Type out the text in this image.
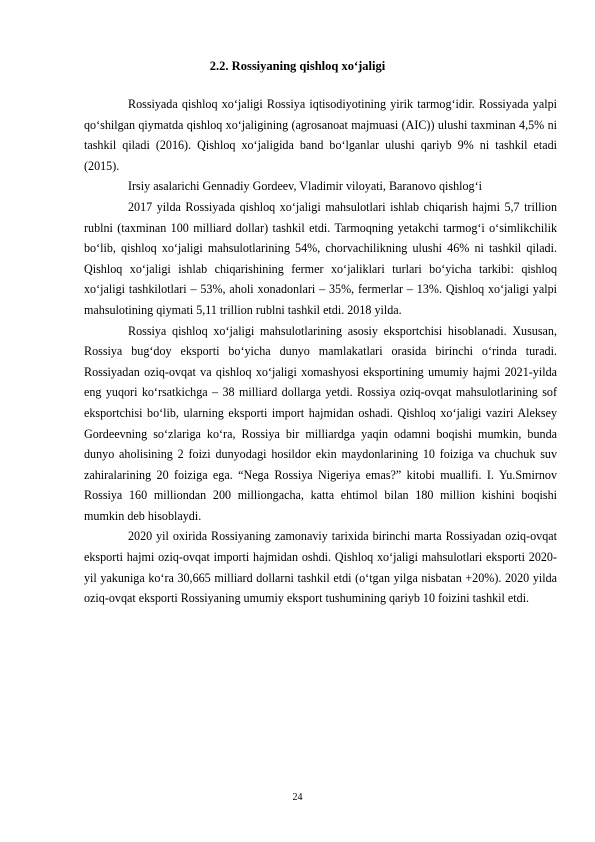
2.2. Rossiyaning qishloq xo‘jaligi

Rossiyada qishloq xo‘jaligi Rossiya iqtisodiyotining yirik tarmog‘idir. Rossiyada yalpi qo‘shilgan qiymatda qishloq xo‘jaligining (agrosanoat majmuasi (AIC)) ulushi taxminan 4,5% ni tashkil qiladi (2016). Qishloq xo‘jaligida band bo‘lganlar ulushi qariyb 9% ni tashkil etadi (2015).

Irsiy asalarichi Gennadiy Gordeev, Vladimir viloyati, Baranovo qishlog‘i

2017 yilda Rossiyada qishloq xo‘jaligi mahsulotlari ishlab chiqarish hajmi 5,7 trillion rublni (taxminan 100 milliard dollar) tashkil etdi. Tarmoqning yetakchi tarmog‘i o‘simlikchilik bo‘lib, qishloq xo‘jaligi mahsulotlarining 54%, chorvachilikning ulushi 46% ni tashkil qiladi. Qishloq xo‘jaligi ishlab chiqarishining fermer xo‘jaliklari turlari bo‘yicha tarkibi: qishloq xo‘jaligi tashkilotlari – 53%, aholi xonadonlari – 35%, fermerlar – 13%. Qishloq xo‘jaligi yalpi mahsulotining qiymati 5,11 trillion rublni tashkil etdi. 2018 yilda.

Rossiya qishloq xo‘jaligi mahsulotlarining asosiy eksportchisi hisoblanadi. Xususan, Rossiya bug‘doy eksporti bo‘yicha dunyo mamlakatlari orasida birinchi o‘rinda turadi. Rossiyadan oziq-ovqat va qishloq xo‘jaligi xomashyosi eksportining umumiy hajmi 2021-yilda eng yuqori ko‘rsatkichga – 38 milliard dollarga yetdi. Rossiya oziq-ovqat mahsulotlarining sof eksportchisi bo‘lib, ularning eksporti import hajmidan oshadi. Qishloq xo‘jaligi vaziri Aleksey Gordeevning so‘zlariga ko‘ra, Rossiya bir milliardga yaqin odamni boqishi mumkin, bunda dunyo aholisining 2 foizi dunyodagi hosildor ekin maydonlarining 10 foiziga va chuchuk suv zahiralarining 20 foiziga ega. “Nega Rossiya Nigeriya emas?” kitobi muallifi. I. Yu.Smirnov Rossiya 160 milliondan 200 milliongacha, katta ehtimol bilan 180 million kishini boqishi mumkin deb hisoblaydi.

2020 yil oxirida Rossiyaning zamonaviy tarixida birinchi marta Rossiyadan oziq-ovqat eksporti hajmi oziq-ovqat importi hajmidan oshdi. Qishloq xo‘jaligi mahsulotlari eksporti 2020-yil yakuniga ko‘ra 30,665 milliard dollarni tashkil etdi (o‘tgan yilga nisbatan +20%). 2020 yilda oziq-ovqat eksporti Rossiyaning umumiy eksport tushumining qariyb 10 foizini tashkil etdi.

24
